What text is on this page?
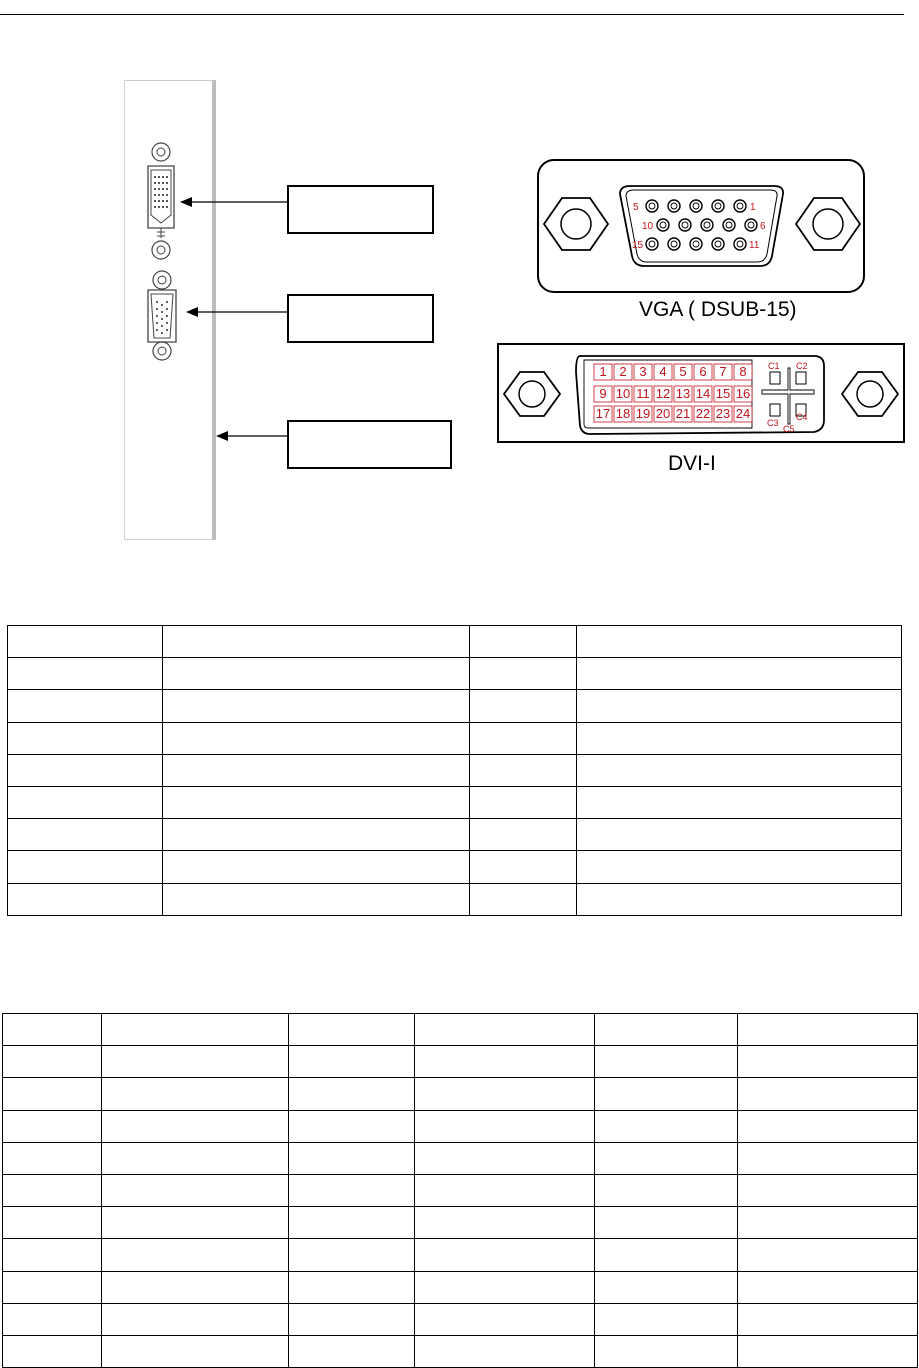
5	1
10	6
15	11
VGA ( DSUB-15)
1 2 3 4 5 6 7 8
9 10 11 12 13 14 15 16
17 18 19 20 21 22 23 24
C1 C2
C3
C4
C5
DVI-I
